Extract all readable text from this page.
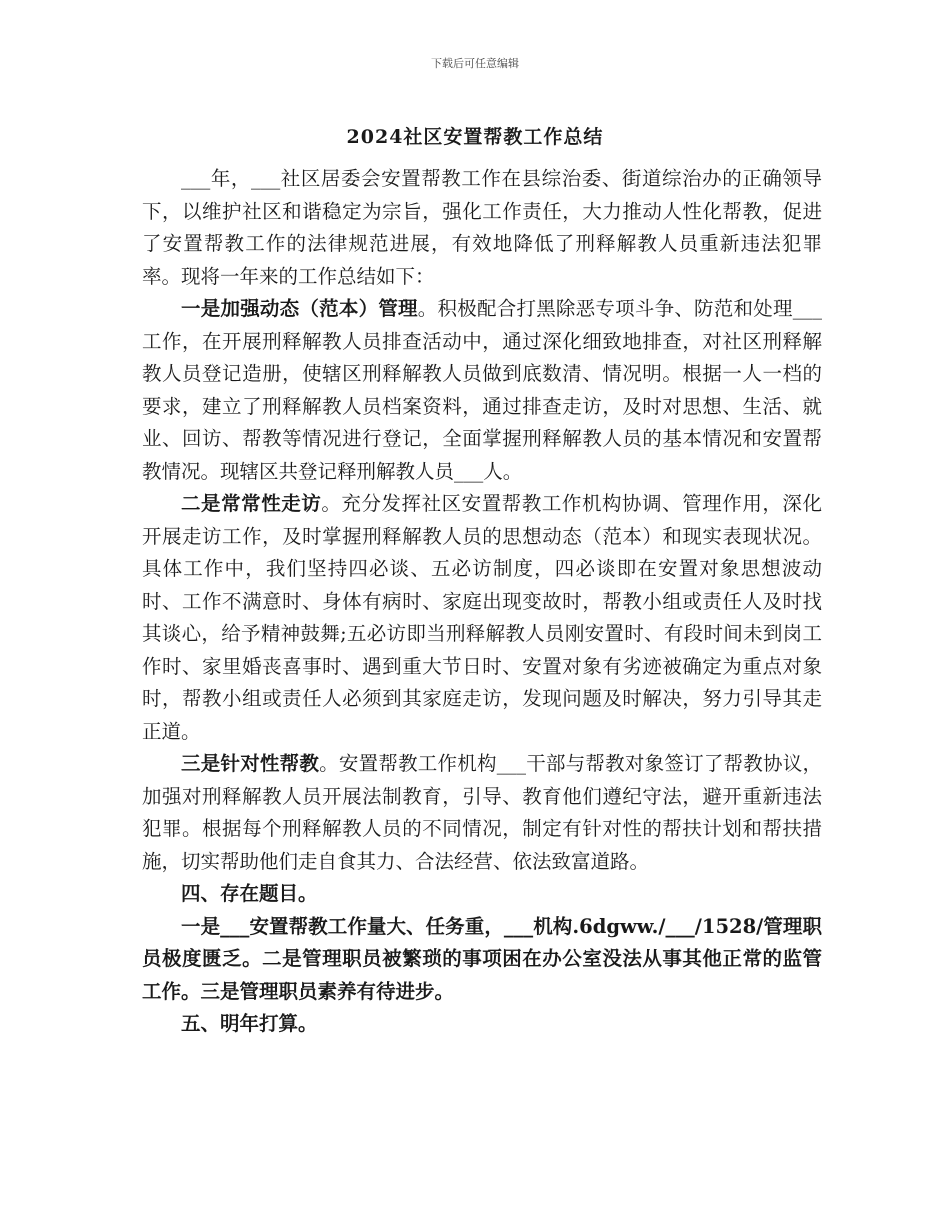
下载后可任意编辑
2024社区安置帮教工作总结

___年，___社区居委会安置帮教工作在县综治委、街道综治办的正确领导下，以维护社区和谐稳定为宗旨，强化工作责任，大力推动人性化帮教，促进了安置帮教工作的法律规范进展，有效地降低了刑释解教人员重新违法犯罪率。现将一年来的工作总结如下：

一是加强动态（范本）管理。积极配合打黑除恶专项斗争、防范和处理___工作，在开展刑释解教人员排查活动中，通过深化细致地排查，对社区刑释解教人员登记造册，使辖区刑释解教人员做到底数清、情况明。根据一人一档的要求，建立了刑释解教人员档案资料，通过排查走访，及时对思想、生活、就业、回访、帮教等情况进行登记，全面掌握刑释解教人员的基本情况和安置帮教情况。现辖区共登记释刑解教人员___人。

二是常常性走访。充分发挥社区安置帮教工作机构协调、管理作用，深化开展走访工作，及时掌握刑释解教人员的思想动态（范本）和现实表现状况。具体工作中，我们坚持四必谈、五必访制度，四必谈即在安置对象思想波动时、工作不满意时、身体有病时、家庭出现变故时，帮教小组或责任人及时找其谈心，给予精神鼓舞;五必访即当刑释解教人员刚安置时、有段时间未到岗工作时、家里婚丧喜事时、遇到重大节日时、安置对象有劣迹被确定为重点对象时，帮教小组或责任人必须到其家庭走访，发现问题及时解决，努力引导其走正道。

三是针对性帮教。安置帮教工作机构___干部与帮教对象签订了帮教协议，加强对刑释解教人员开展法制教育，引导、教育他们遵纪守法，避开重新违法犯罪。根据每个刑释解教人员的不同情况，制定有针对性的帮扶计划和帮扶措施，切实帮助他们走自食其力、合法经营、依法致富道路。

四、存在题目。

一是___安置帮教工作量大、任务重，___机构.6dgww./___/1528/管理职员极度匮乏。二是管理职员被繁琐的事项困在办公室没法从事其他正常的监管工作。三是管理职员素养有待进步。

五、明年打算。
